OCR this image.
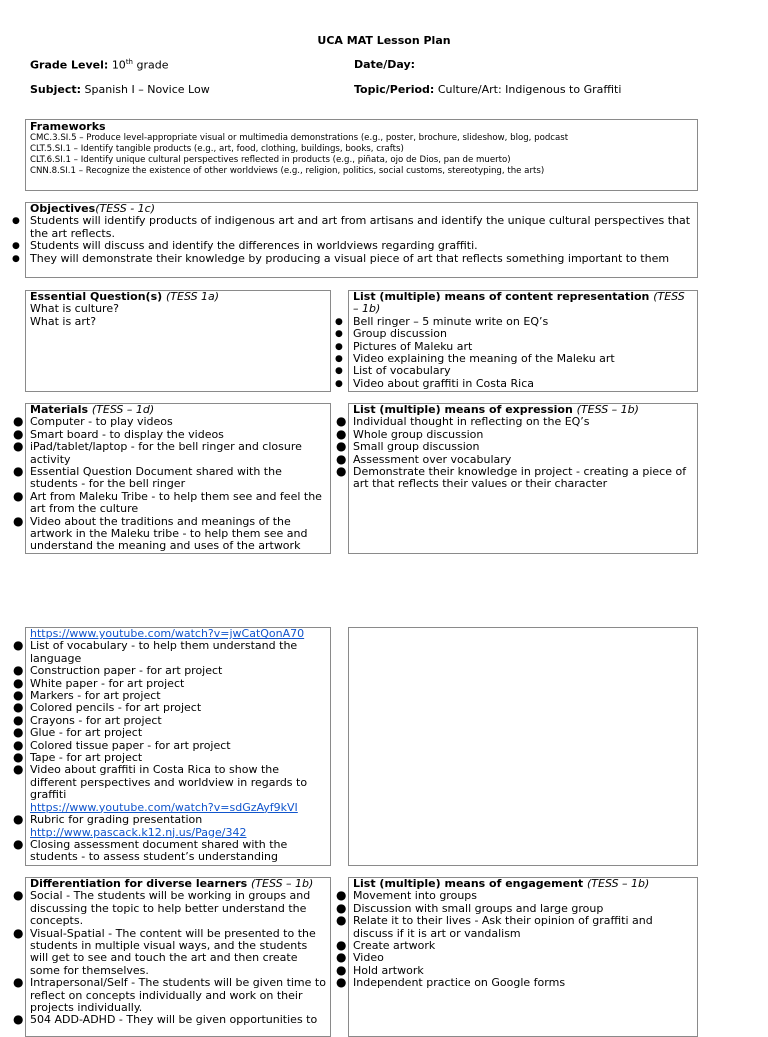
UCA MAT Lesson Plan
Grade Level: 10th grade	Date/Day:
Subject: Spanish I – Novice Low	Topic/Period: Culture/Art: Indigenous to Graffiti
Frameworks
CMC.3.SI.5 – Produce level-appropriate visual or multimedia demonstrations (e.g., poster, brochure, slideshow, blog, podcast
CLT.5.SI.1 – Identify tangible products (e.g., art, food, clothing, buildings, books, crafts)
CLT.6.SI.1 – Identify unique cultural perspectives reflected in products (e.g., piñata, ojo de Dios, pan de muerto)
CNN.8.SI.1 – Recognize the existence of other worldviews (e.g., religion, politics, social customs, stereotyping, the arts)
Objectives(TESS - 1c)
● Students will identify products of indigenous art and art from artisans and identify the unique cultural perspectives that the art reflects.
● Students will discuss and identify the differences in worldviews regarding graffiti.
● They will demonstrate their knowledge by producing a visual piece of art that reflects something important to them
Essential Question(s) (TESS 1a)
What is culture?
What is art?
List (multiple) means of content representation (TESS – 1b)
● Bell ringer – 5 minute write on EQ’s
● Group discussion
● Pictures of Maleku art
● Video explaining the meaning of the Maleku art
● List of vocabulary
● Video about graffiti in Costa Rica
Materials (TESS – 1d)
● Computer - to play videos
● Smart board - to display the videos
● iPad/tablet/laptop - for the bell ringer and closure activity
● Essential Question Document shared with the students - for the bell ringer
● Art from Maleku Tribe - to help them see and feel the art from the culture
● Video about the traditions and meanings of the artwork in the Maleku tribe - to help them see and understand the meaning and uses of the artwork
List (multiple) means of expression (TESS – 1b)
● Individual thought in reflecting on the EQ’s
● Whole group discussion
● Small group discussion
● Assessment over vocabulary
● Demonstrate their knowledge in project - creating a piece of art that reflects their values or their character
https://www.youtube.com/watch?v=jwCatQonA70
● List of vocabulary - to help them understand the language
● Construction paper - for art project
● White paper - for art project
● Markers - for art project
● Colored pencils - for art project
● Crayons - for art project
● Glue - for art project
● Colored tissue paper - for art project
● Tape - for art project
● Video about graffiti in Costa Rica to show the different perspectives and worldview in regards to graffiti
https://www.youtube.com/watch?v=sdGzAyf9kVI
● Rubric for grading presentation
http://www.pascack.k12.nj.us/Page/342
● Closing assessment document shared with the students - to assess student’s understanding
Differentiation for diverse learners (TESS – 1b)
● Social - The students will be working in groups and discussing the topic to help better understand the concepts.
● Visual-Spatial - The content will be presented to the students in multiple visual ways, and the students will get to see and touch the art and then create some for themselves.
● Intrapersonal/Self - The students will be given time to reflect on concepts individually and work on their projects individually.
● 504 ADD-ADHD - They will be given opportunities to
List (multiple) means of engagement (TESS – 1b)
● Movement into groups
● Discussion with small groups and large group
● Relate it to their lives - Ask their opinion of graffiti and discuss if it is art or vandalism
● Create artwork
● Video
● Hold artwork
● Independent practice on Google forms
